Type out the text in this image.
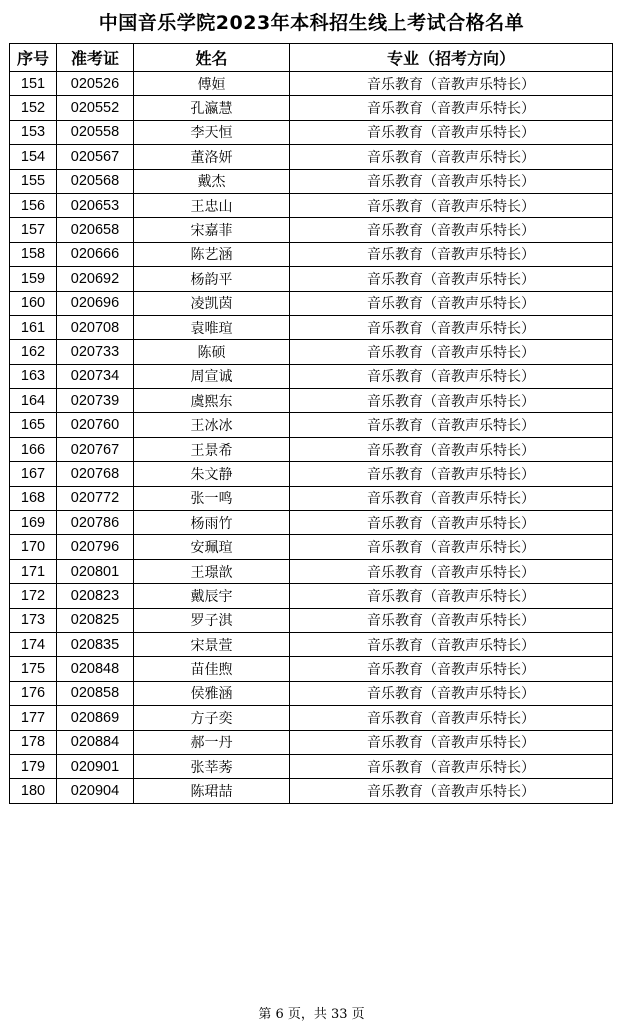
中国音乐学院2023年本科招生线上考试合格名单
序号	准考证	姓名	专业（招考方向）
151	020526	傅姮	音乐教育（音教声乐特长）
152	020552	孔瀛慧	音乐教育（音教声乐特长）
153	020558	李天恒	音乐教育（音教声乐特长）
154	020567	董洛妍	音乐教育（音教声乐特长）
155	020568	戴杰	音乐教育（音教声乐特长）
156	020653	王忠山	音乐教育（音教声乐特长）
157	020658	宋嘉菲	音乐教育（音教声乐特长）
158	020666	陈艺涵	音乐教育（音教声乐特长）
159	020692	杨韵平	音乐教育（音教声乐特长）
160	020696	凌凯茵	音乐教育（音教声乐特长）
161	020708	袁唯瑄	音乐教育（音教声乐特长）
162	020733	陈硕	音乐教育（音教声乐特长）
163	020734	周宣诚	音乐教育（音教声乐特长）
164	020739	虞熙东	音乐教育（音教声乐特长）
165	020760	王冰冰	音乐教育（音教声乐特长）
166	020767	王景希	音乐教育（音教声乐特长）
167	020768	朱文静	音乐教育（音教声乐特长）
168	020772	张一鸣	音乐教育（音教声乐特长）
169	020786	杨雨竹	音乐教育（音教声乐特长）
170	020796	安珮瑄	音乐教育（音教声乐特长）
171	020801	王璟歆	音乐教育（音教声乐特长）
172	020823	戴辰宇	音乐教育（音教声乐特长）
173	020825	罗子淇	音乐教育（音教声乐特长）
174	020835	宋景萱	音乐教育（音教声乐特长）
175	020848	苗佳煦	音乐教育（音教声乐特长）
176	020858	侯雅涵	音乐教育（音教声乐特长）
177	020869	方子奕	音乐教育（音教声乐特长）
178	020884	郝一丹	音乐教育（音教声乐特长）
179	020901	张莘莠	音乐教育（音教声乐特长）
180	020904	陈珺喆	音乐教育（音教声乐特长）
第 6 页，共 33 页
